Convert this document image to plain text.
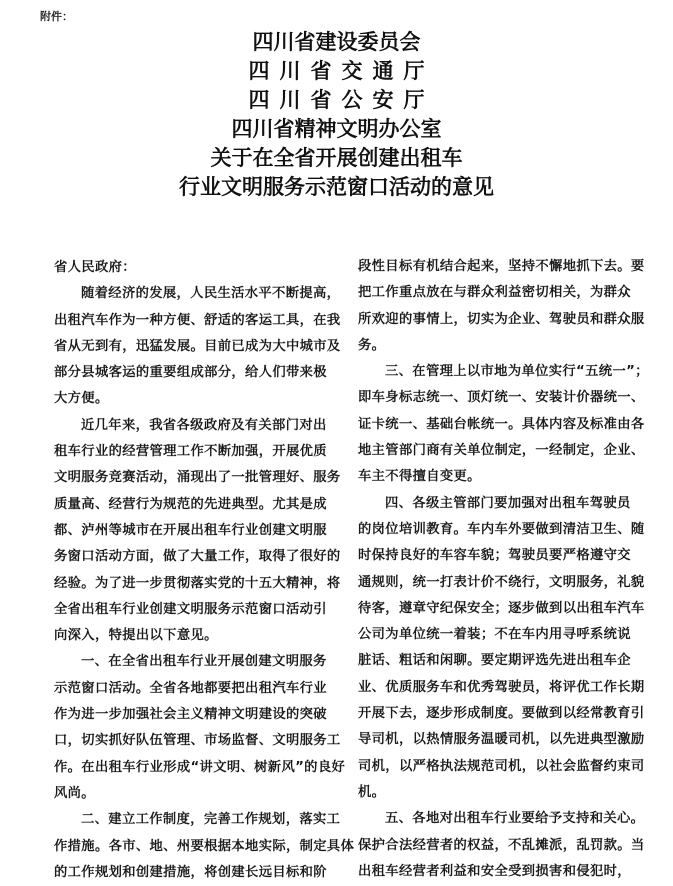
附件：
四川省建设委员会
四川省交通厅
四川省公安厅
四川省精神文明办公室
关于在全省开展创建出租车
行业文明服务示范窗口活动的意见
省人民政府：
随着经济的发展，人民生活水平不断提高，
出租汽车作为一种方便、舒适的客运工具，在我
省从无到有，迅猛发展。目前已成为大中城市及
部分县城客运的重要组成部分，给人们带来极
大方便。
近几年来，我省各级政府及有关部门对出
租车行业的经营管理工作不断加强，开展优质
文明服务竞赛活动，涌现出了一批管理好、服务
质量高、经营行为规范的先进典型。尤其是成
都、泸州等城市在开展出租车行业创建文明服
务窗口活动方面，做了大量工作，取得了很好的
经验。为了进一步贯彻落实党的十五大精神，将
全省出租车行业创建文明服务示范窗口活动引
向深入，特提出以下意见。
一、在全省出租车行业开展创建文明服务
示范窗口活动。全省各地都要把出租汽车行业
作为进一步加强社会主义精神文明建设的突破
口，切实抓好队伍管理、市场监督、文明服务工
作。在出租车行业形成“讲文明、树新风”的良好
风尚。
二、建立工作制度，完善工作规划，落实工
作措施。各市、地、州要根据本地实际，制定具体
的工作规划和创建措施，将创建长远目标和阶
段性目标有机结合起来，坚持不懈地抓下去。要
把工作重点放在与群众利益密切相关，为群众
所欢迎的事情上，切实为企业、驾驶员和群众服
务。
三、在管理上以市地为单位实行“五统一”；
即车身标志统一、顶灯统一、安装计价器统一、
证卡统一、基础台帐统一。具体内容及标准由各
地主管部门商有关单位制定，一经制定，企业、
车主不得擅自变更。
四、各级主管部门要加强对出租车驾驶员
的岗位培训教育。车内车外要做到清洁卫生、随
时保持良好的车容车貌；驾驶员要严格遵守交
通规则，统一打表计价不绕行，文明服务，礼貌
待客，遵章守纪保安全；逐步做到以出租车汽车
公司为单位统一着装；不在车内用寻呼系统说
脏话、粗话和闲聊。要定期评选先进出租车企
业、优质服务车和优秀驾驶员，将评优工作长期
开展下去，逐步形成制度。要做到以经常教育引
导司机，以热情服务温暖司机，以先进典型激励
司机，以严格执法规范司机，以社会监督约束司
机。
五、各地对出租车行业要给予支持和关心。
保护合法经营者的权益，不乱摊派，乱罚款。当
出租车经营者利益和安全受到损害和侵犯时，
